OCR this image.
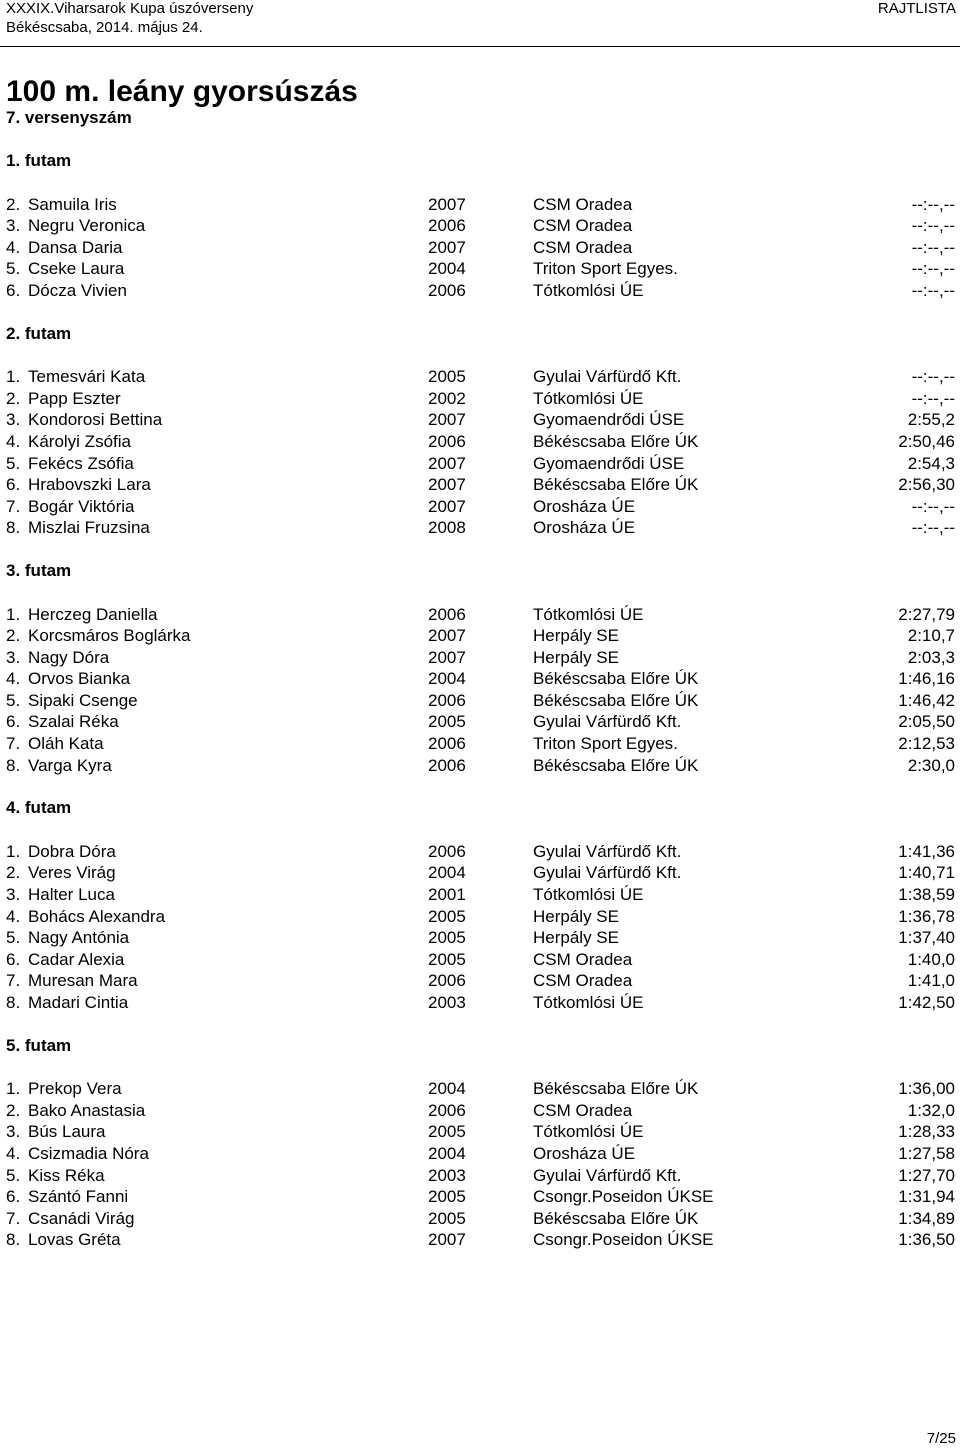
XXXIX.Viharsarok Kupa úszóverseny
Békéscsaba, 2014. május 24.
RAJTLISTA
100 m. leány gyorsúszás
7. versenyszám
1. futam
2. Samuila Iris	2007	CSM Oradea	--:--,--
3. Negru Veronica	2006	CSM Oradea	--:--,--
4. Dansa Daria	2007	CSM Oradea	--:--,--
5. Cseke Laura	2004	Triton Sport Egyes.	--:--,--
6. Dócza Vivien	2006	Tótkomlósi ÚE	--:--,--
2. futam
1. Temesvári Kata	2005	Gyulai Várfürdő Kft.	--:--,--
2. Papp Eszter	2002	Tótkomlósi ÚE	--:--,--
3. Kondorosi Bettina	2007	Gyomaendrődi ÚSE	2:55,2
4. Károlyi Zsófia	2006	Békéscsaba Előre ÚK	2:50,46
5. Fekécs Zsófia	2007	Gyomaendrődi ÚSE	2:54,3
6. Hrabovszki Lara	2007	Békéscsaba Előre ÚK	2:56,30
7. Bogár Viktória	2007	Orosháza ÚE	--:--,--
8. Miszlai Fruzsina	2008	Orosháza ÚE	--:--,--
3. futam
1. Herczeg Daniella	2006	Tótkomlósi ÚE	2:27,79
2. Korcsmáros Boglárka	2007	Herpály SE	2:10,7
3. Nagy Dóra	2007	Herpály SE	2:03,3
4. Orvos Bianka	2004	Békéscsaba Előre ÚK	1:46,16
5. Sipaki Csenge	2006	Békéscsaba Előre ÚK	1:46,42
6. Szalai Réka	2005	Gyulai Várfürdő Kft.	2:05,50
7. Oláh Kata	2006	Triton Sport Egyes.	2:12,53
8. Varga Kyra	2006	Békéscsaba Előre ÚK	2:30,0
4. futam
1. Dobra Dóra	2006	Gyulai Várfürdő Kft.	1:41,36
2. Veres Virág	2004	Gyulai Várfürdő Kft.	1:40,71
3. Halter Luca	2001	Tótkomlósi ÚE	1:38,59
4. Bohács Alexandra	2005	Herpály SE	1:36,78
5. Nagy Antónia	2005	Herpály SE	1:37,40
6. Cadar Alexia	2005	CSM Oradea	1:40,0
7. Muresan Mara	2006	CSM Oradea	1:41,0
8. Madari Cintia	2003	Tótkomlósi ÚE	1:42,50
5. futam
1. Prekop Vera	2004	Békéscsaba Előre ÚK	1:36,00
2. Bako Anastasia	2006	CSM Oradea	1:32,0
3. Bús Laura	2005	Tótkomlósi ÚE	1:28,33
4. Csizmadia Nóra	2004	Orosháza ÚE	1:27,58
5. Kiss Réka	2003	Gyulai Várfürdő Kft.	1:27,70
6. Szántó Fanni	2005	Csongr.Poseidon ÚKSE	1:31,94
7. Csanádi Virág	2005	Békéscsaba Előre ÚK	1:34,89
8. Lovas Gréta	2007	Csongr.Poseidon ÚKSE	1:36,50
7/25
